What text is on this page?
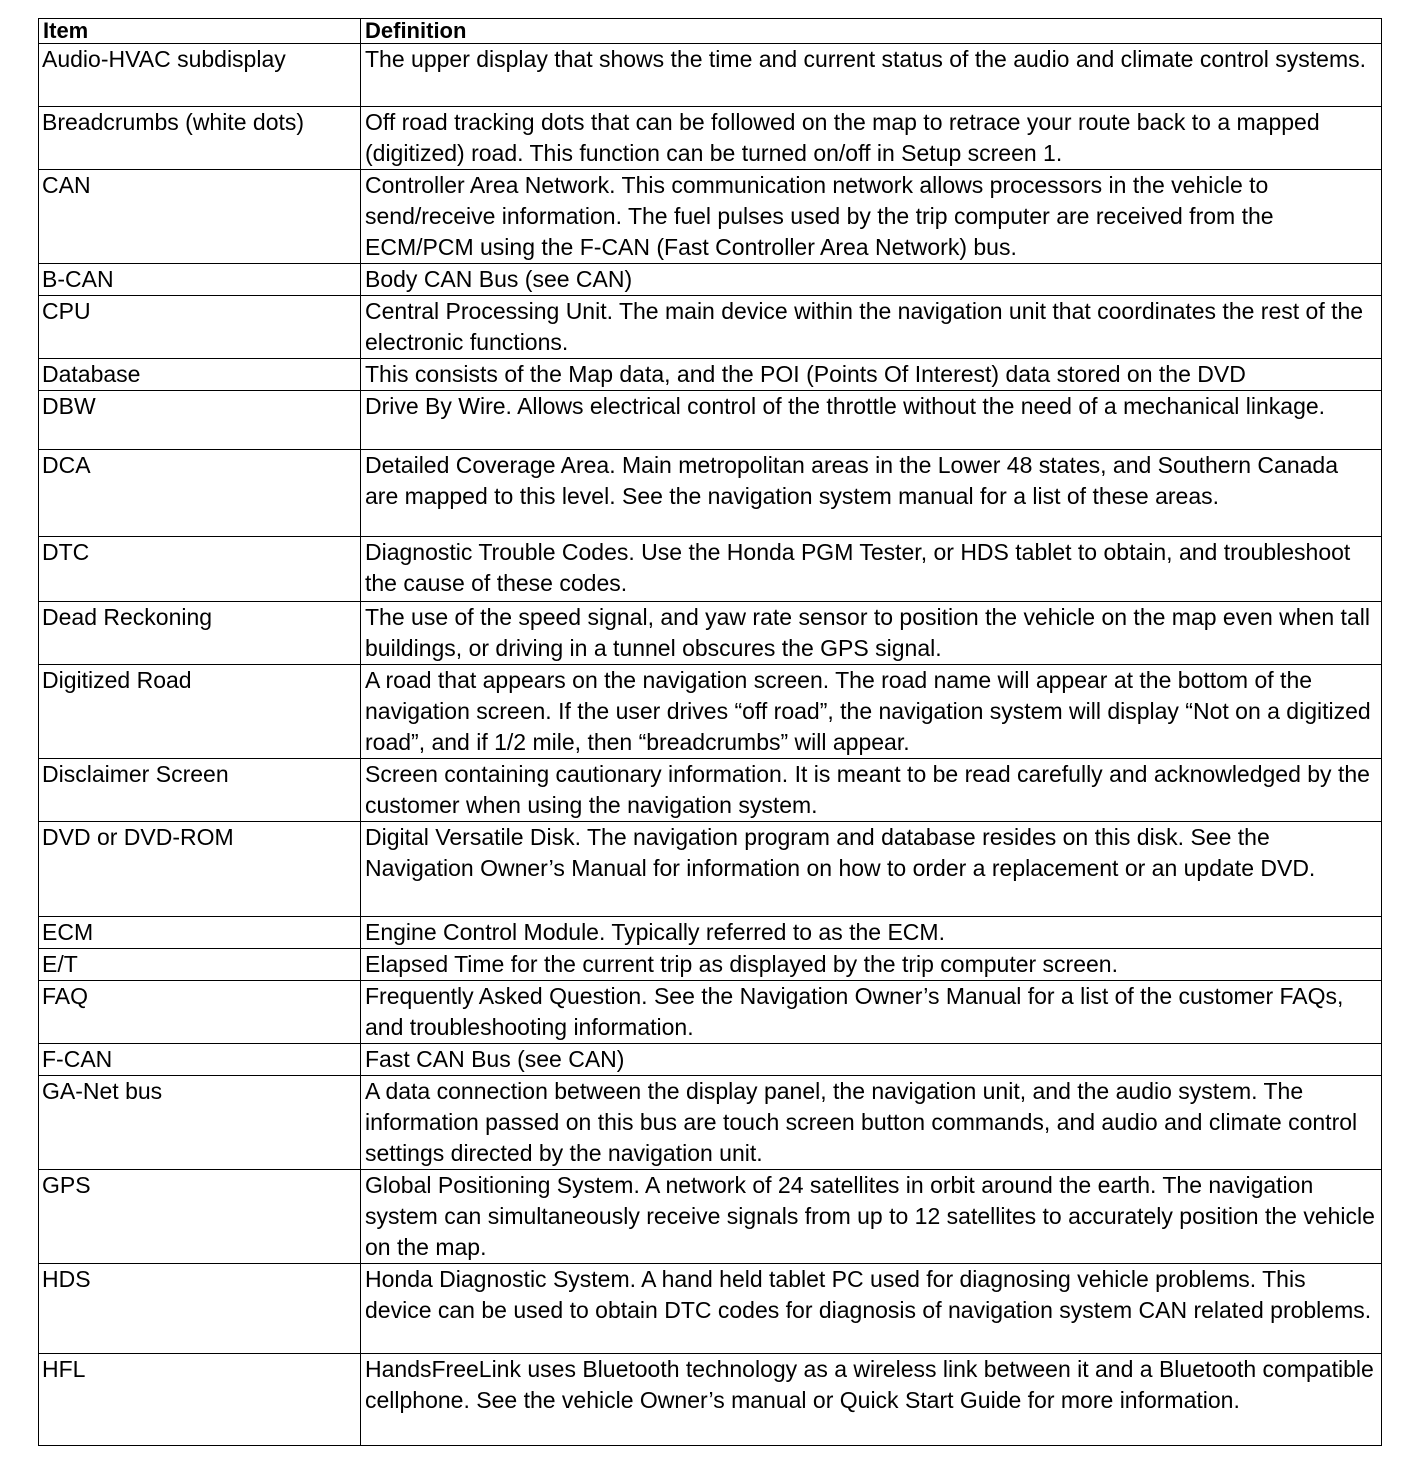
Item	Definition
Audio-HVAC subdisplay	The upper display that shows the time and current status of the audio and climate control systems.
Breadcrumbs (white dots)	Off road tracking dots that can be followed on the map to retrace your route back to a mapped (digitized) road. This function can be turned on/off in Setup screen 1.
CAN	Controller Area Network. This communication network allows processors in the vehicle to send/receive information. The fuel pulses used by the trip computer are received from the ECM/PCM using the F-CAN (Fast Controller Area Network) bus.
B-CAN	Body CAN Bus (see CAN)
CPU	Central Processing Unit. The main device within the navigation unit that coordinates the rest of the electronic functions.
Database	This consists of the Map data, and the POI (Points Of Interest) data stored on the DVD
DBW	Drive By Wire. Allows electrical control of the throttle without the need of a mechanical linkage.
DCA	Detailed Coverage Area. Main metropolitan areas in the Lower 48 states, and Southern Canada are mapped to this level. See the navigation system manual for a list of these areas.
DTC	Diagnostic Trouble Codes. Use the Honda PGM Tester, or HDS tablet to obtain, and troubleshoot the cause of these codes.
Dead Reckoning	The use of the speed signal, and yaw rate sensor to position the vehicle on the map even when tall buildings, or driving in a tunnel obscures the GPS signal.
Digitized Road	A road that appears on the navigation screen. The road name will appear at the bottom of the navigation screen. If the user drives “off road”, the navigation system will display “Not on a digitized road”, and if 1/2 mile, then “breadcrumbs” will appear.
Disclaimer Screen	Screen containing cautionary information. It is meant to be read carefully and acknowledged by the customer when using the navigation system.
DVD or DVD-ROM	Digital Versatile Disk. The navigation program and database resides on this disk. See the Navigation Owner’s Manual for information on how to order a replacement or an update DVD.
ECM	Engine Control Module. Typically referred to as the ECM.
E/T	Elapsed Time for the current trip as displayed by the trip computer screen.
FAQ	Frequently Asked Question. See the Navigation Owner’s Manual for a list of the customer FAQs, and troubleshooting information.
F-CAN	Fast CAN Bus (see CAN)
GA-Net bus	A data connection between the display panel, the navigation unit, and the audio system. The information passed on this bus are touch screen button commands, and audio and climate control settings directed by the navigation unit.
GPS	Global Positioning System. A network of 24 satellites in orbit around the earth. The navigation system can simultaneously receive signals from up to 12 satellites to accurately position the vehicle on the map.
HDS	Honda Diagnostic System. A hand held tablet PC used for diagnosing vehicle problems. This device can be used to obtain DTC codes for diagnosis of navigation system CAN related problems.
HFL	HandsFreeLink uses Bluetooth technology as a wireless link between it and a Bluetooth compatible cellphone. See the vehicle Owner’s manual or Quick Start Guide for more information.
